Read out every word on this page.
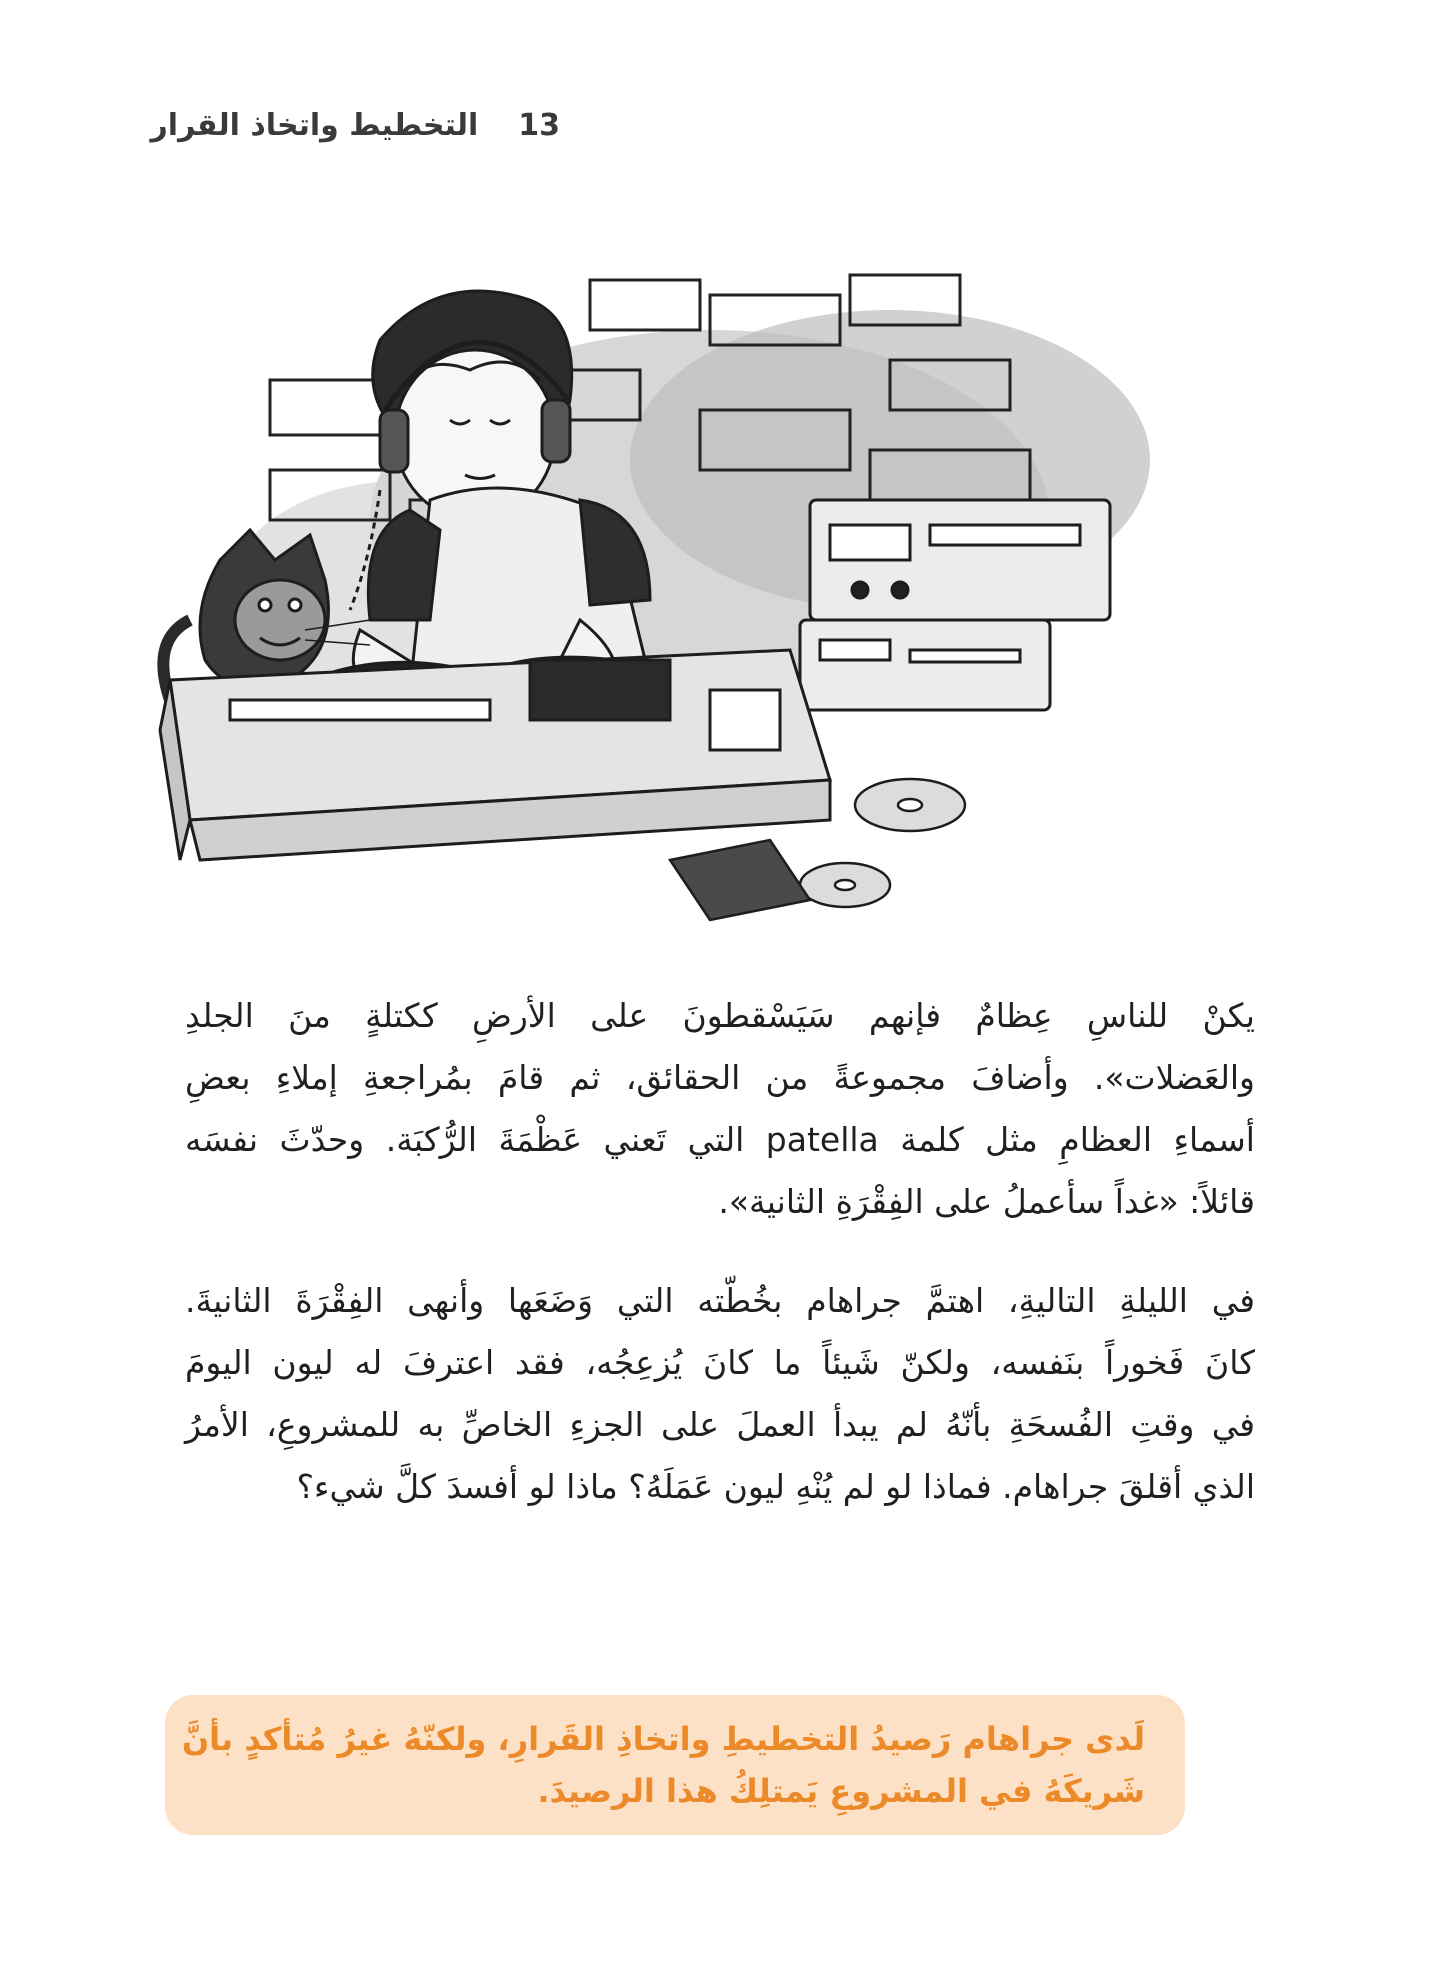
13
التخطيط واتخاذ القرار
يكنْ للناسِ عِظامٌ فإنهم سَيَسْقطونَ على الأرضِ ككتلةٍ منَ الجلدِ
والعَضلات». وأضافَ مجموعةً من الحقائق، ثم قامَ بمُراجعةِ إملاءِ بعضِ
أسماءِ العظامِ مثل كلمة patella التي تَعني عَظْمَةَ الرُّكبَة. وحدّثَ نفسَه
قائلاً: «غداً سأعملُ على الفِقْرَةِ الثانية».
في الليلةِ التاليةِ، اهتمَّ جراهام بخُطّته التي وَضَعَها وأنهى الفِقْرَةَ الثانيةَ.
كانَ فَخوراً بنَفسه، ولكنّ شَيئاً ما كانَ يُزعِجُه، فقد اعترفَ له ليون اليومَ
في وقتِ الفُسحَةِ بأنّهُ لم يبدأ العملَ على الجزءِ الخاصِّ به للمشروعِ، الأمرُ
الذي أقلقَ جراهام. فماذا لو لم يُنْهِ ليون عَمَلَهُ؟ ماذا لو أفسدَ كلَّ شيء؟
لَدى جراهام رَصيدُ التخطيطِ واتخاذِ القَرارِ، ولكنّهُ غيرُ مُتأكدٍ بأنَّ
شَريكَهُ في المشروعِ يَمتلِكُ هذا الرصيدَ.
